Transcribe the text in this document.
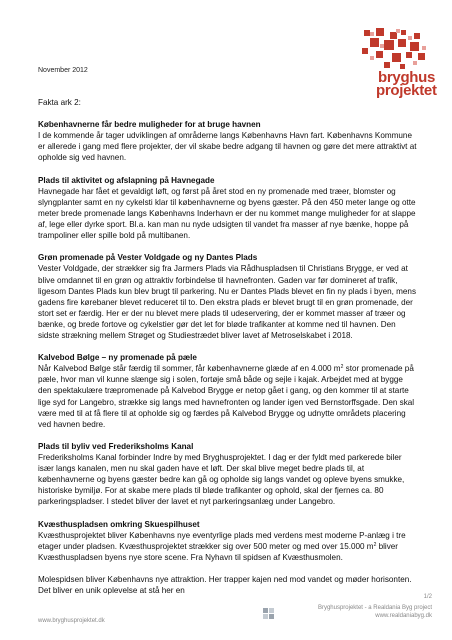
November 2012	bryghus
projektet

Fakta ark 2:

Københavnerne får bedre muligheder for at bruge havnen

I de kommende år tager udviklingen af områderne langs Københavns Havn fart. Københavns Kommune er allerede i gang med flere projekter, der vil skabe bedre adgang til havnen og gøre det mere attraktivt at opholde sig ved havnen.

Plads til aktivitet og afslapning på Havnegade

Havnegade har fået et gevaldigt løft, og først på året stod en ny promenade med træer, blomster og slyngplanter samt en ny cykelsti klar til københavnerne og byens gæster. På den 450 meter lange og otte meter brede promenade langs Københavns Inderhavn er der nu kommet mange muligheder for at slappe af, lege eller dyrke sport. Bl.a. kan man nu nyde udsigten til vandet fra masser af nye bænke, hoppe på trampoliner eller spille bold på multibanen.

Grøn promenade på Vester Voldgade og ny Dantes Plads

Vester Voldgade, der strækker sig fra Jarmers Plads via Rådhuspladsen til Christians Brygge, er ved at blive omdannet til en grøn og attraktiv forbindelse til havnefronten. Gaden var før domineret af trafik, ligesom Dantes Plads kun blev brugt til parkering. Nu er Dantes Plads blevet en fin ny plads i byen, mens gadens fire kørebaner blevet reduceret til to. Den ekstra plads er blevet brugt til en grøn promenade, der stort set er færdig. Her er der nu blevet mere plads til udeservering, der er kommet masser af træer og bænke, og brede fortove og cykelstier gør det let for bløde trafikanter at komme ned til havnen. Den sidste strækning mellem Strøget og Studiestrædet bliver lavet af Metroselskabet i 2018.

Kalvebod Bølge – ny promenade på pæle

Når Kalvebod Bølge står færdig til sommer, får københavnerne glæde af en 4.000 $m^2$ stor promenade på pæle, hvor man vil kunne slænge sig i solen, fortøje små både og sejle i kajak. Arbejdet med at bygge den spektakulære træpromenade på Kalvebod Brygge er netop gået i gang, og den kommer til at starte lige syd for Langebro, strække sig langs med havnefronten og lander igen ved Bernstorffsgade. Den skal være med til at få flere til at opholde sig og færdes på Kalvebod Brygge og udnytte områdets placering ved havnen bedre.

Plads til byliv ved Frederiksholms Kanal

Frederiksholms Kanal forbinder Indre by med Bryghusprojektet. I dag er der fyldt med parkerede biler især langs kanalen, men nu skal gaden have et løft. Der skal blive meget bedre plads til, at københavnerne og byens gæster bedre kan gå og opholde sig langs vandet og opleve byens smukke, historiske bymiljø. For at skabe mere plads til bløde trafikanter og ophold, skal der fjernes ca. 80 parkeringspladser. I stedet bliver der lavet et nyt parkeringsanlæg under Langebro.

Kvæsthuspladsen omkring Skuespilhuset

Kvæsthusprojektet bliver Københavns nye eventyrlige plads med verdens mest moderne P-anlæg i tre etager under pladsen. Kvæsthusprojektet strækker sig over 500 meter og med over 15.000 $m^2$ bliver Kvæsthuspladsen byens nye store scene. Fra Nyhavn til spidsen af Kvæsthusmolen.

Molespidsen bliver Københavns nye attraktion. Her trapper kajen ned mod vandet og møder horisonten. Det bliver en unik oplevelse at stå her en

1/2
www.bryghusprojektet.dk
Bryghusprojektet - a Realdania Byg project
www.realdaniabyg.dk
